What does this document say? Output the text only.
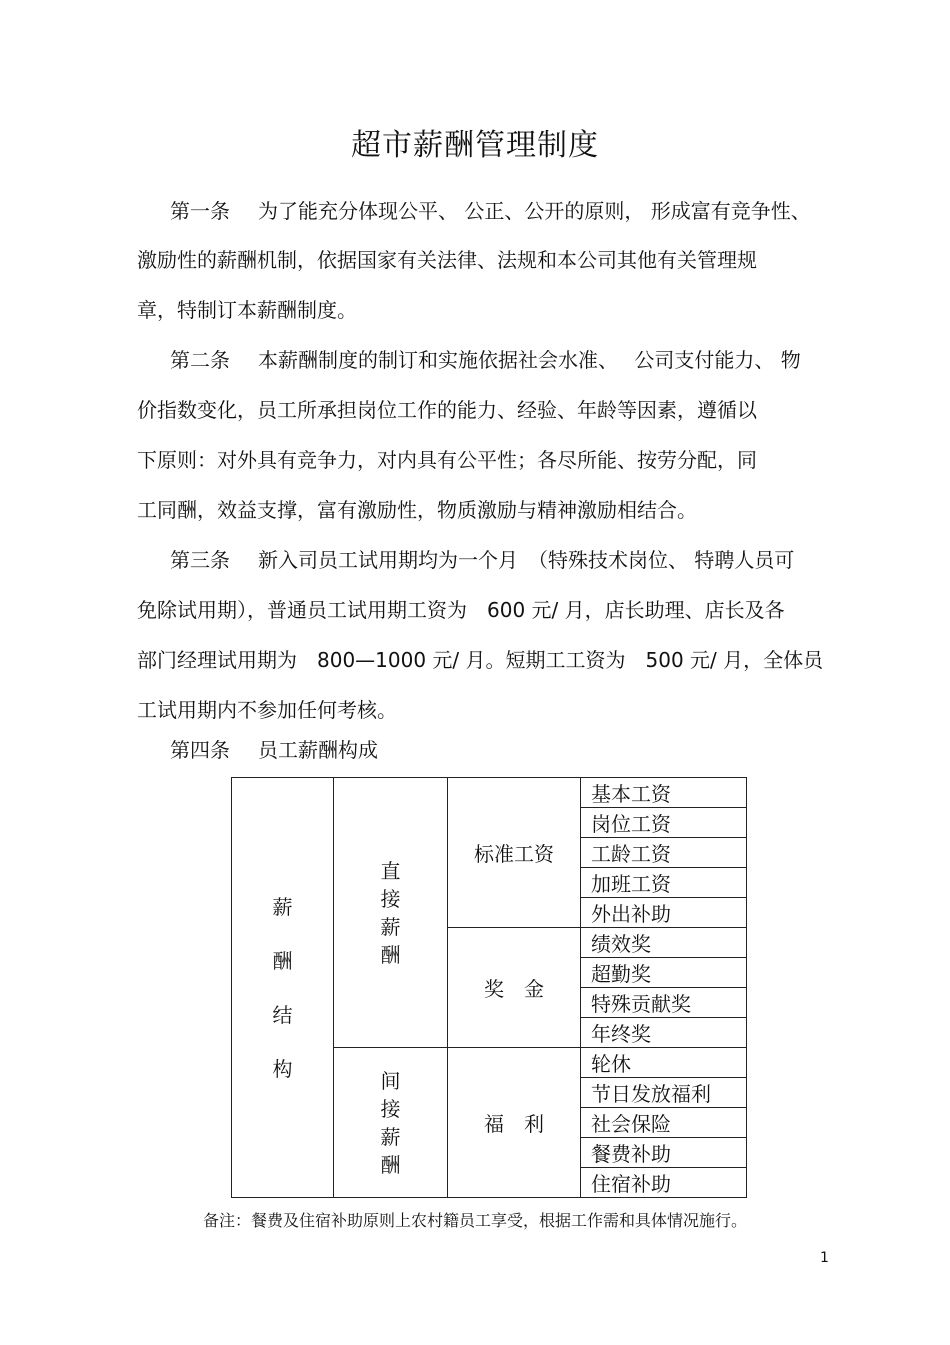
超市薪酬管理制度
第一条 为了能充分体现公平、 公正、公开的原则， 形成富有竞争性、
激励性的薪酬机制，依据国家有关法律、法规和本公司其他有关管理规
章，特制订本薪酬制度。
第二条 本薪酬制度的制订和实施依据社会水准、　 公司支付能力、 物
价指数变化，员工所承担岗位工作的能力、经验、年龄等因素，遵循以
下原则：对外具有竞争力，对内具有公平性；各尽所能、按劳分配，同
工同酬，效益支撑，富有激励性，物质激励与精神激励相结合。
第三条 新入司员工试用期均为一个月　（特殊技术岗位、 特聘人员可
免除试用期），普通员工试用期工资为　600 元/ 月，店长助理、店长及各
部门经理试用期为　800—1000 元/ 月。短期工工资为　500 元/ 月，全体员
工试用期内不参加任何考核。
第四条 员工薪酬构成
薪酬结构	直接薪酬	标准工资	基本工资
			岗位工资
			工龄工资
			加班工资
			外出补助
		奖　金	绩效奖
			超勤奖
			特殊贡献奖
			年终奖
	间接薪酬	福　利	轮休
			节日发放福利
			社会保险
			餐费补助
			住宿补助
备注：餐费及住宿补助原则上农村籍员工享受，根据工作需和具体情况施行。
1
